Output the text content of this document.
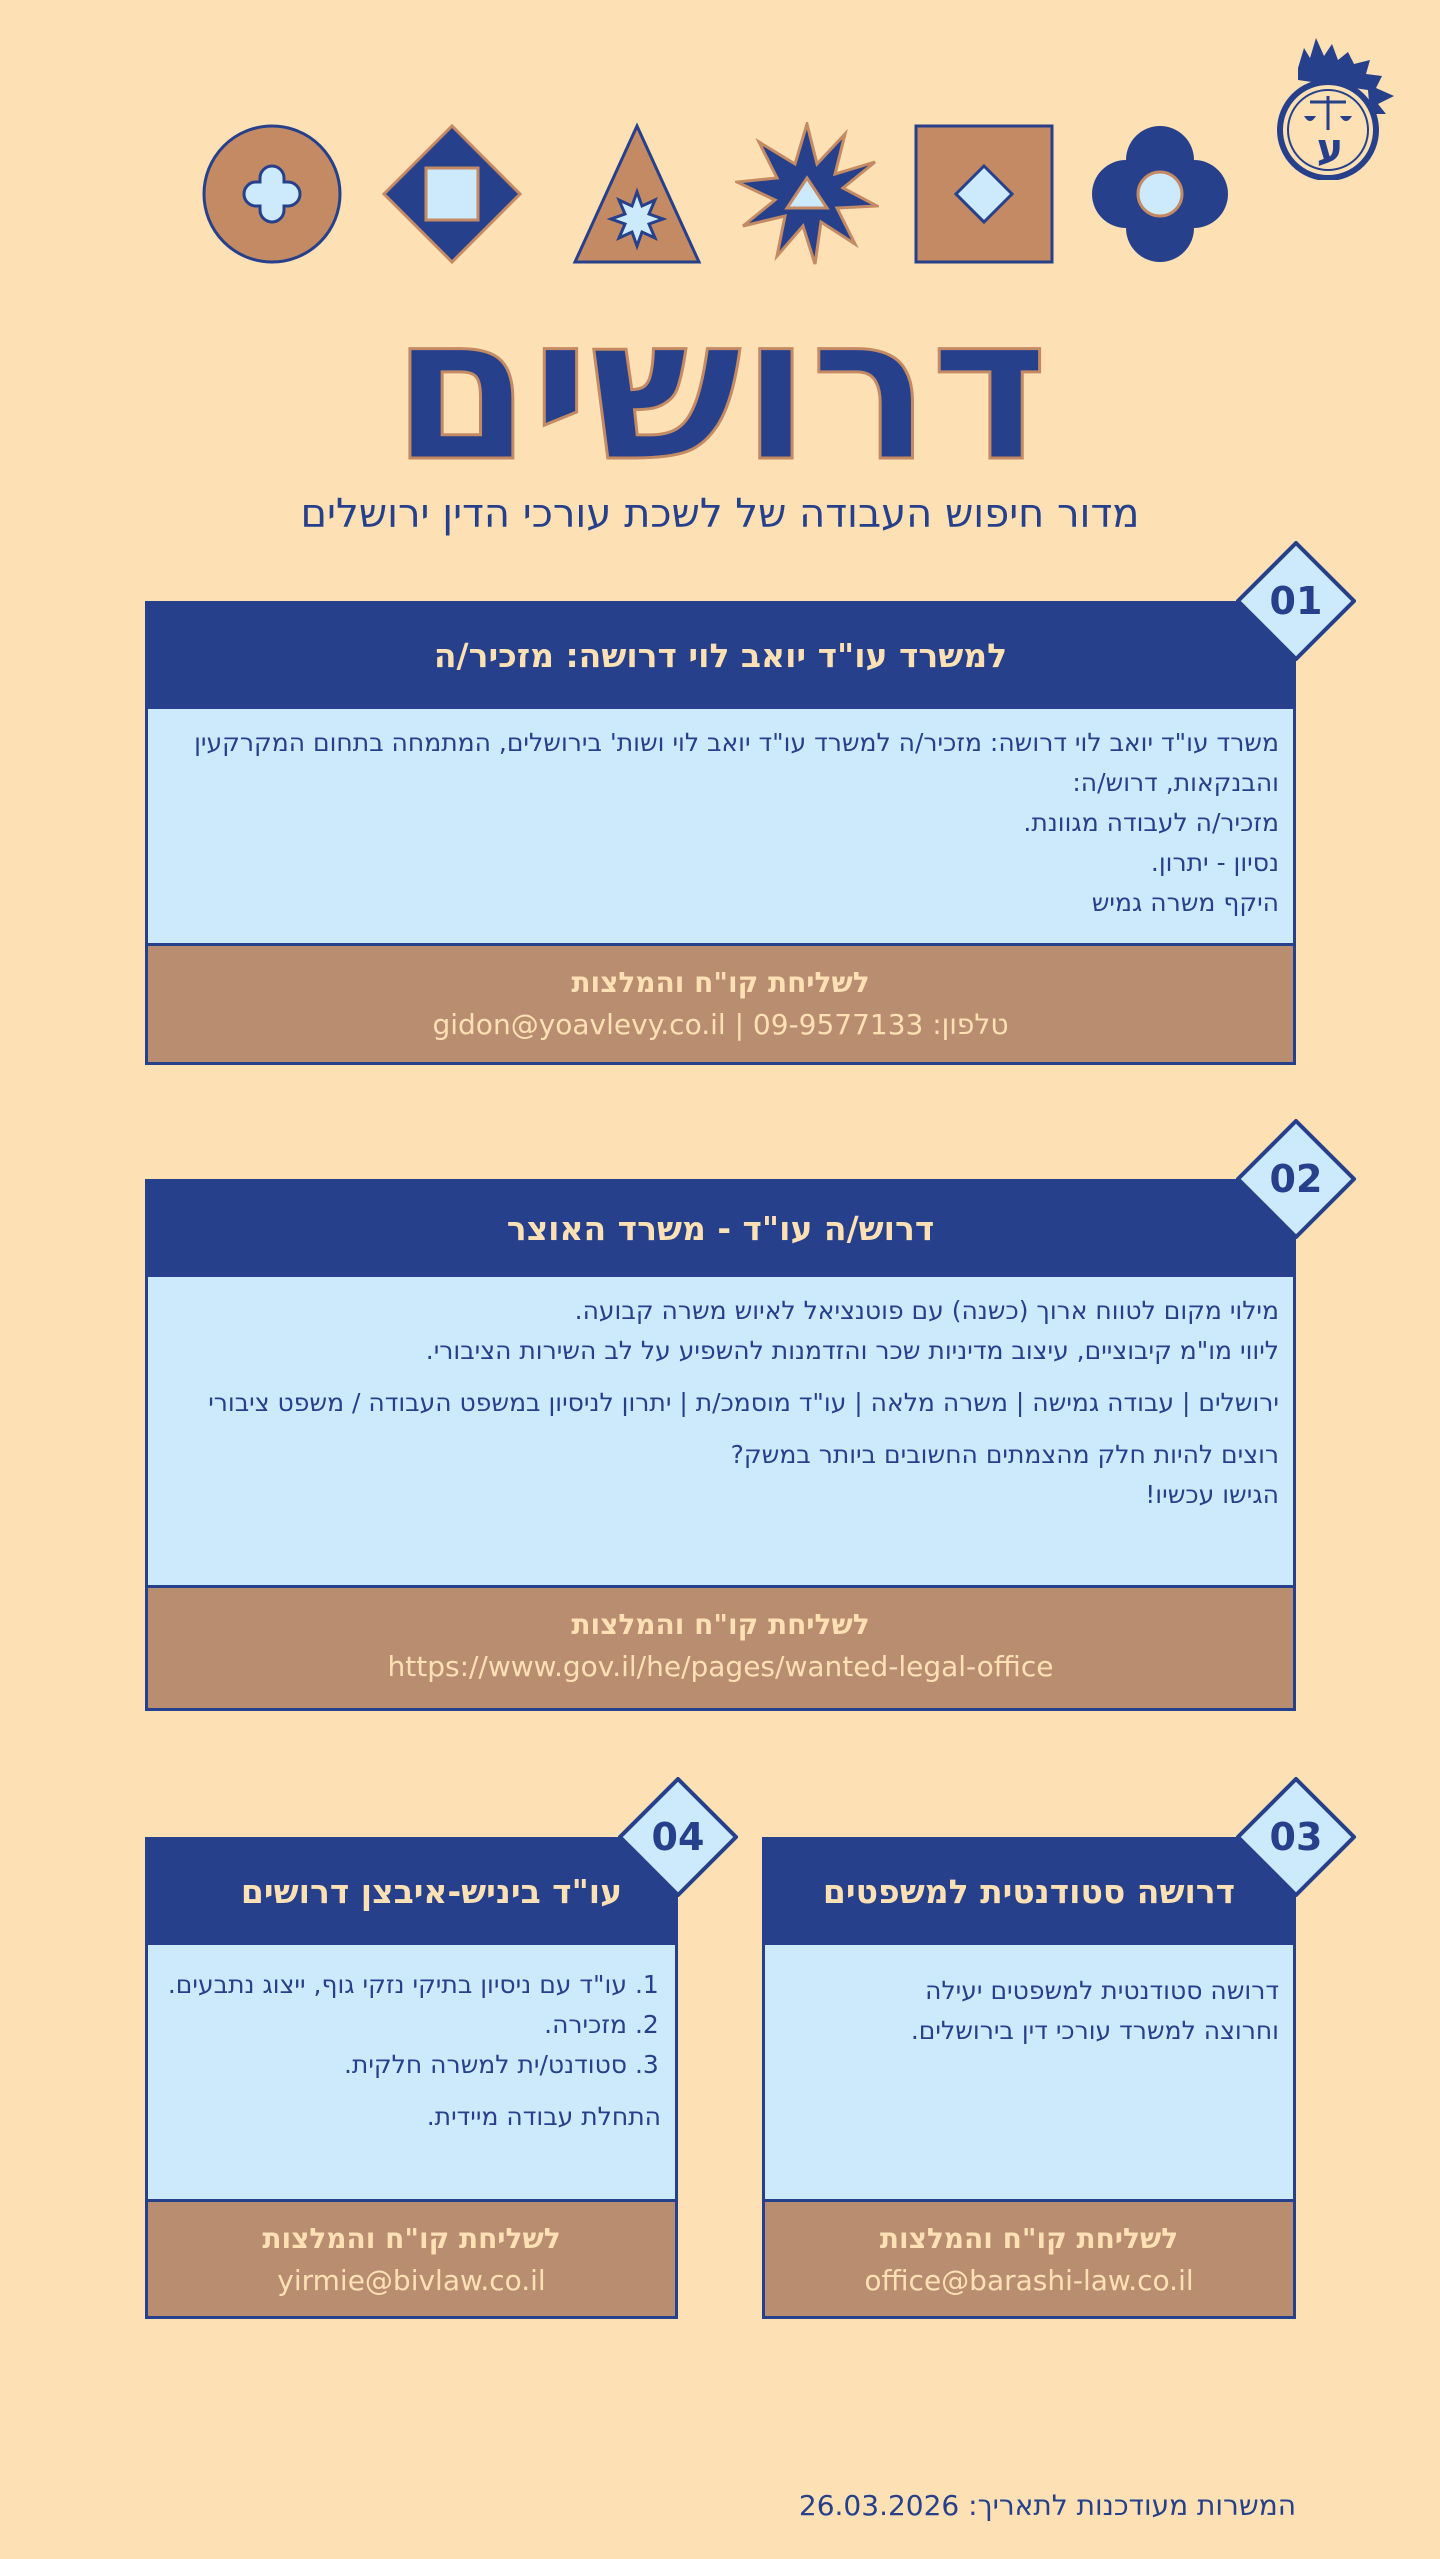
ע
דרושים
מדור חיפוש העבודה של לשכת עורכי הדין ירושלים
למשרד עו"ד יואב לוי דרושה: מזכיר/ה

משרד עו"ד יואב לוי דרושה: מזכיר/ה למשרד עו"ד יואב לוי ושות' בירושלים, המתמחה בתחום המקרקעין והבנקאות, דרוש/ה:

מזכיר/ה לעבודה מגוונת.

נסיון - יתרון.

היקף משרה גמיש

לשליחת קו"ח והמלצות
gidon@yoavlevy.co.il | 09-9577133 :טלפון
01
דרוש/ה עו"ד - משרד האוצר

מילוי מקום לטווח ארוך (כשנה) עם פוטנציאל לאיוש משרה קבועה.

ליווי מו"מ קיבוציים, עיצוב מדיניות שכר והזדמנות להשפיע על לב השירות הציבורי.

ירושלים | עבודה גמישה | משרה מלאה | עו"ד מוסמכ/ת | יתרון לניסיון במשפט העבודה / משפט ציבורי

רוצים להיות חלק מהצמתים החשובים ביותר במשק?

הגישו עכשיו!

לשליחת קו"ח והמלצות
https://www.gov.il/he/pages/wanted-legal-office
02
דרושה סטודנטית למשפטים

דרושה סטודנטית למשפטים יעילה

וחרוצה למשרד עורכי דין בירושלים.

לשליחת קו"ח והמלצות
office@barashi-law.co.il
03
עו"ד ביניש-איבצן דרושים
1. עו"ד עם ניסיון בתיקי נזקי גוף, ייצוג נתבעים.
2. מזכירה.
3. סטודנט/ית למשרה חלקית.

התחלת עבודה מיידית.

לשליחת קו"ח והמלצות
yirmie@bivlaw.co.il
04
המשרות מעודכנות לתאריך: 26.03.2026
